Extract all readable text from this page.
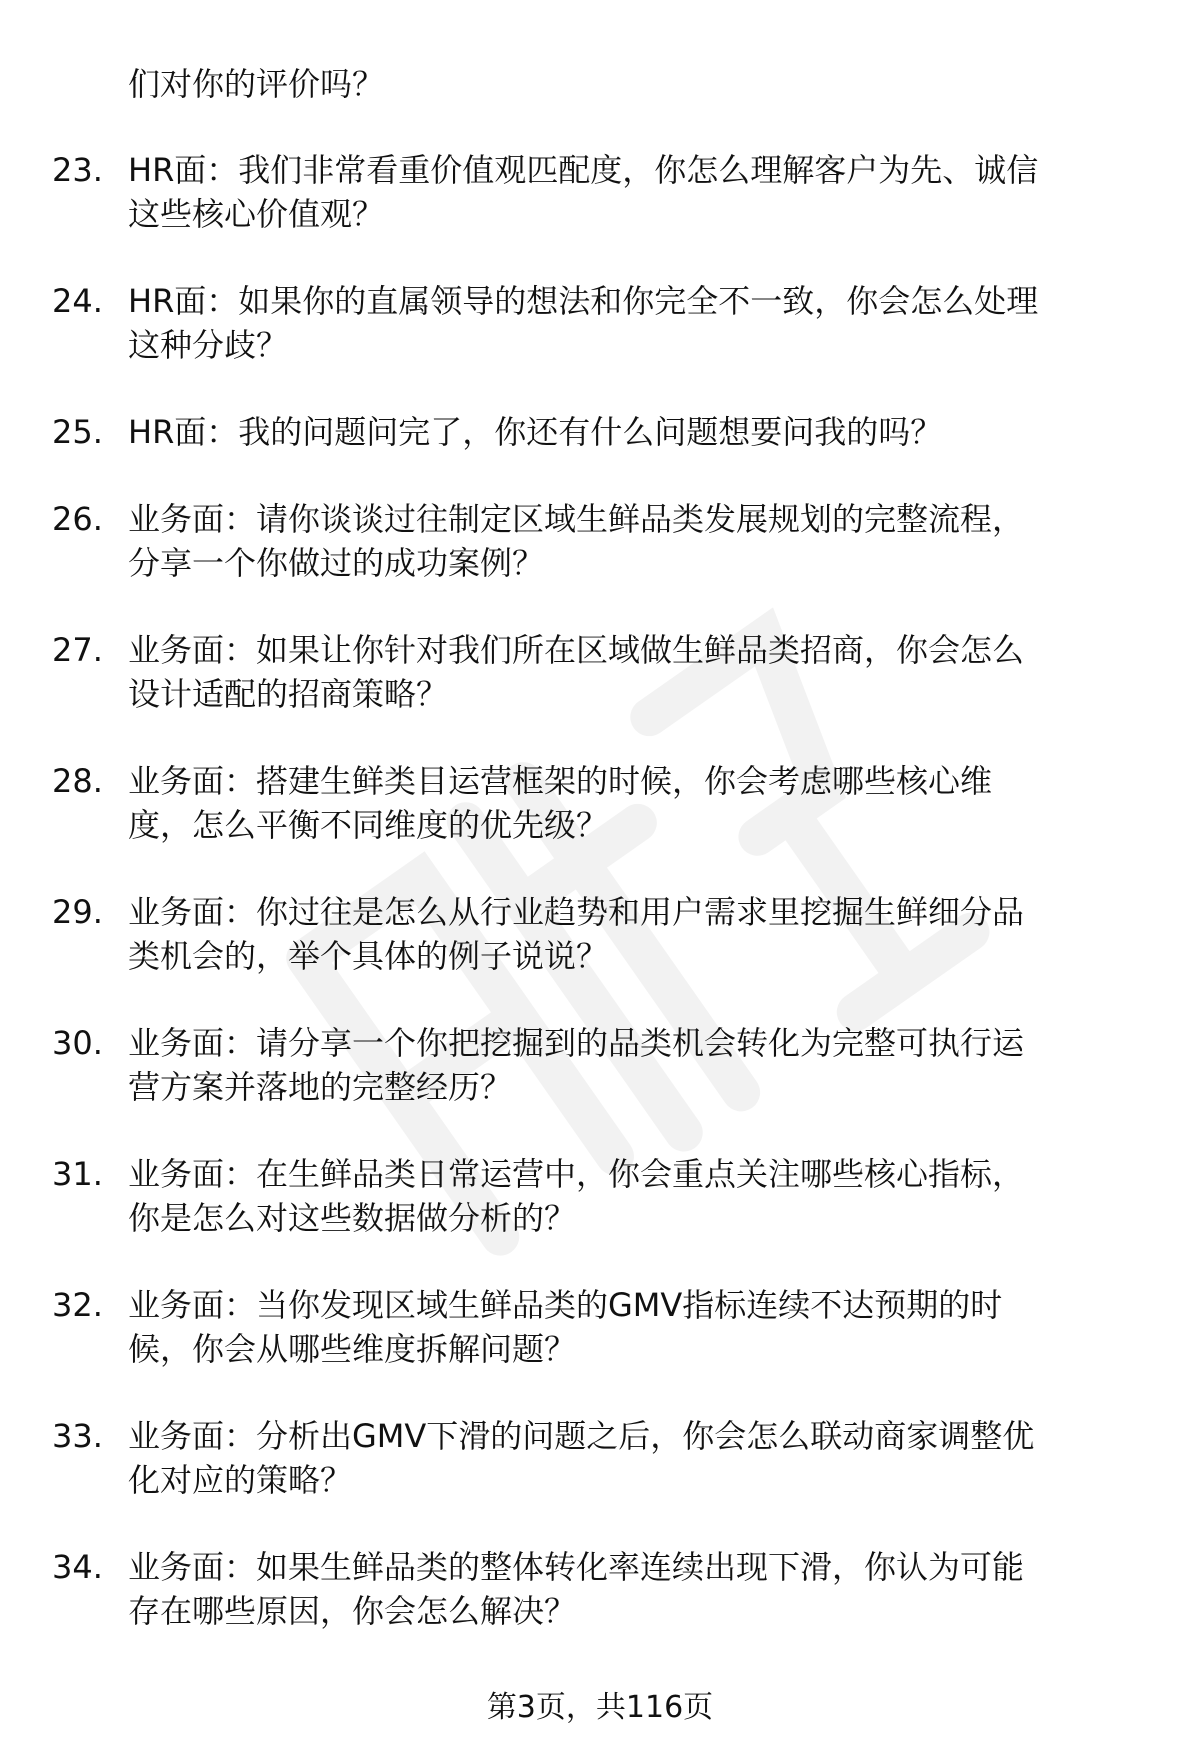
们对你的评价吗？
23. HR面：我们非常看重价值观匹配度，你怎么理解客户为先、诚信
这些核心价值观？
24. HR面：如果你的直属领导的想法和你完全不一致，你会怎么处理
这种分歧？
25. HR面：我的问题问完了，你还有什么问题想要问我的吗？
26. 业务面：请你谈谈过往制定区域生鲜品类发展规划的完整流程，
分享一个你做过的成功案例？
27. 业务面：如果让你针对我们所在区域做生鲜品类招商，你会怎么
设计适配的招商策略？
28. 业务面：搭建生鲜类目运营框架的时候，你会考虑哪些核心维
度，怎么平衡不同维度的优先级？
29. 业务面：你过往是怎么从行业趋势和用户需求里挖掘生鲜细分品
类机会的，举个具体的例子说说？
30. 业务面：请分享一个你把挖掘到的品类机会转化为完整可执行运
营方案并落地的完整经历？
31. 业务面：在生鲜品类日常运营中，你会重点关注哪些核心指标，
你是怎么对这些数据做分析的？
32. 业务面：当你发现区域生鲜品类的GMV指标连续不达预期的时
候，你会从哪些维度拆解问题？
33. 业务面：分析出GMV下滑的问题之后，你会怎么联动商家调整优
化对应的策略？
34. 业务面：如果生鲜品类的整体转化率连续出现下滑，你认为可能
存在哪些原因，你会怎么解决？
第3页，共116页
